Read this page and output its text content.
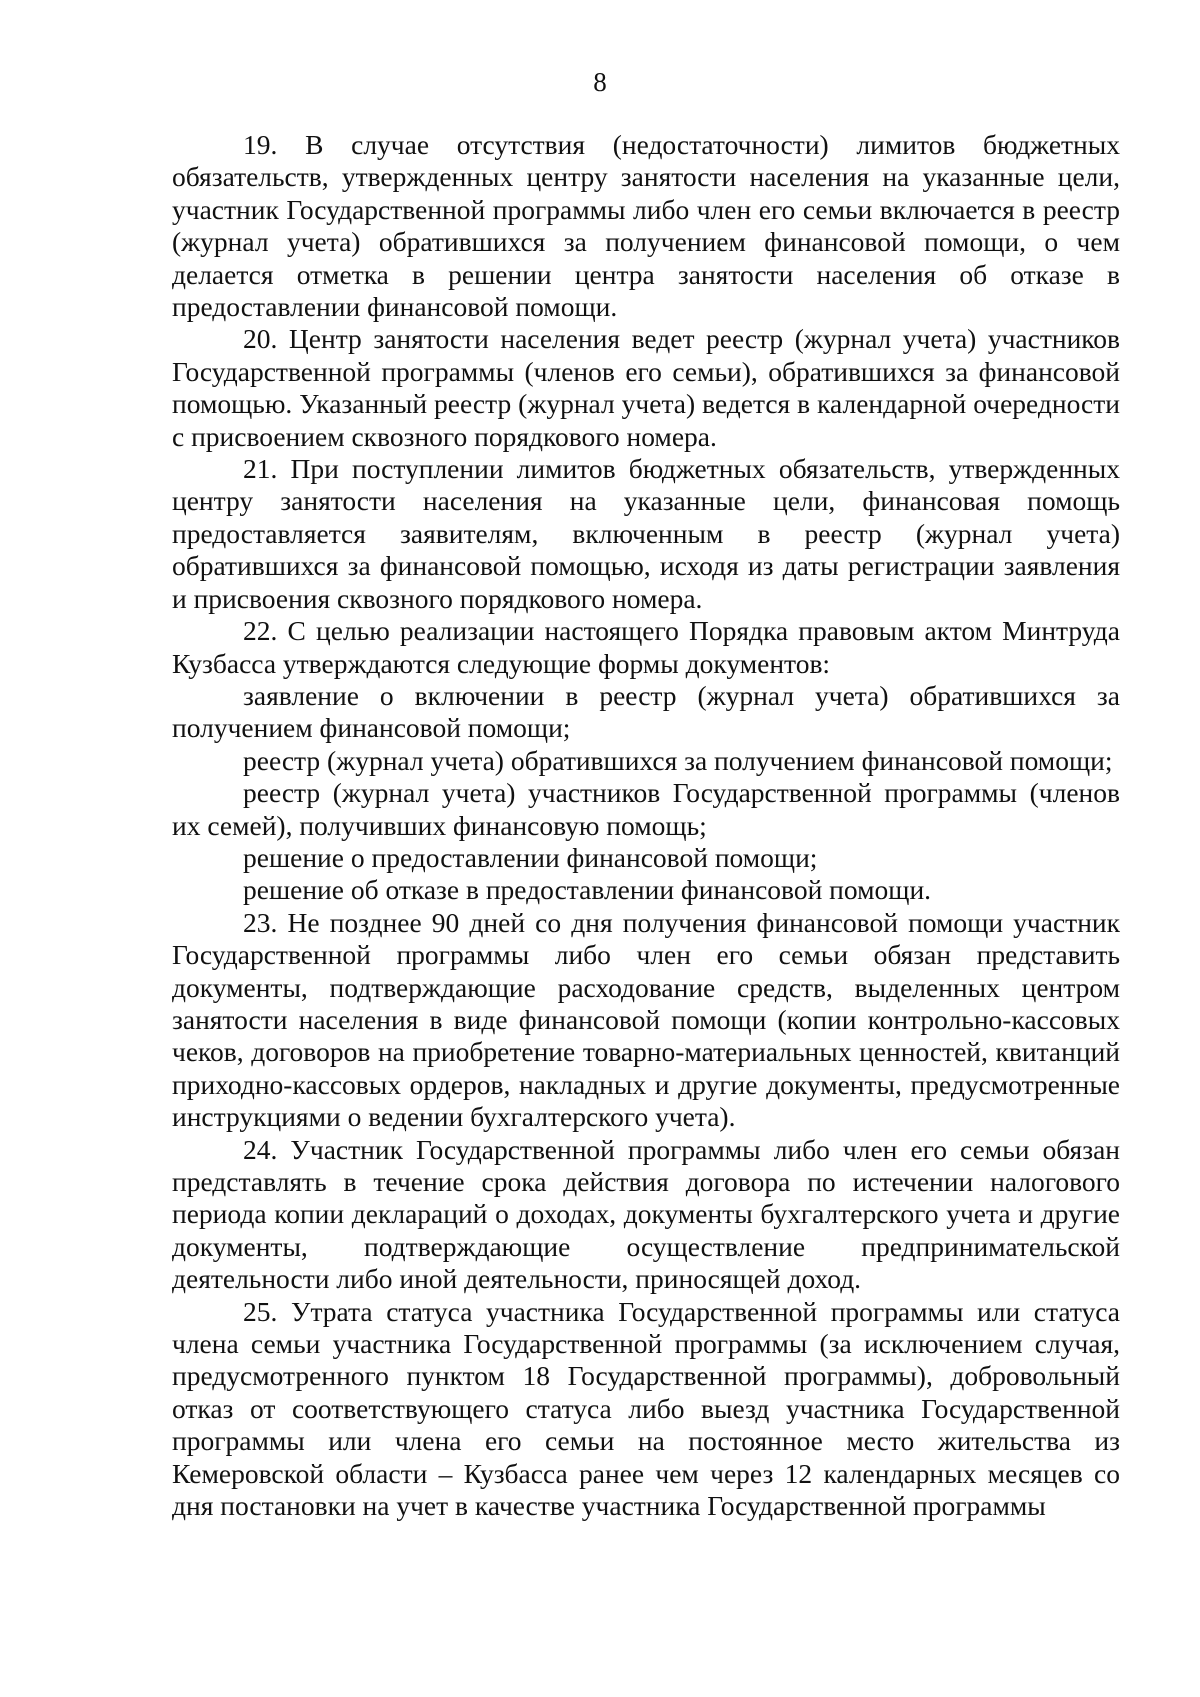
8

19. В случае отсутствия (недостаточности) лимитов бюджетных обязательств, утвержденных центру занятости населения на указанные цели, участник Государственной программы либо член его семьи включается в реестр (журнал учета) обратившихся за получением финансовой помощи, о чем делается отметка в решении центра занятости населения об отказе в предоставлении финансовой помощи.

20. Центр занятости населения ведет реестр (журнал учета) участников Государственной программы (членов его семьи), обратившихся за финансовой помощью. Указанный реестр (журнал учета) ведется в календарной очередности с присвоением сквозного порядкового номера.

21. При поступлении лимитов бюджетных обязательств, утвержденных центру занятости населения на указанные цели, финансовая помощь предоставляется заявителям, включенным в реестр (журнал учета) обратившихся за финансовой помощью, исходя из даты регистрации заявления и присвоения сквозного порядкового номера.

22. С целью реализации настоящего Порядка правовым актом Минтруда Кузбасса утверждаются следующие формы документов:

заявление о включении в реестр (журнал учета) обратившихся за получением финансовой помощи;

реестр (журнал учета) обратившихся за получением финансовой помощи;

реестр (журнал учета) участников Государственной программы (членов их семей), получивших финансовую помощь;

решение о предоставлении финансовой помощи;

решение об отказе в предоставлении финансовой помощи.

23. Не позднее 90 дней со дня получения финансовой помощи участник Государственной программы либо член его семьи обязан представить документы, подтверждающие расходование средств, выделенных центром занятости населения в виде финансовой помощи (копии контрольно-кассовых чеков, договоров на приобретение товарно-материальных ценностей, квитанций приходно-кассовых ордеров, накладных и другие документы, предусмотренные инструкциями о ведении бухгалтерского учета).

24. Участник Государственной программы либо член его семьи обязан представлять в течение срока действия договора по истечении налогового периода копии деклараций о доходах, документы бухгалтерского учета и другие документы, подтверждающие осуществление предпринимательской деятельности либо иной деятельности, приносящей доход.

25. Утрата статуса участника Государственной программы или статуса члена семьи участника Государственной программы (за исключением случая, предусмотренного пунктом 18 Государственной программы), добровольный отказ от соответствующего статуса либо выезд участника Государственной программы или члена его семьи на постоянное место жительства из Кемеровской области – Кузбасса ранее чем через 12 календарных месяцев со дня постановки на учет в качестве участника Государственной программы
